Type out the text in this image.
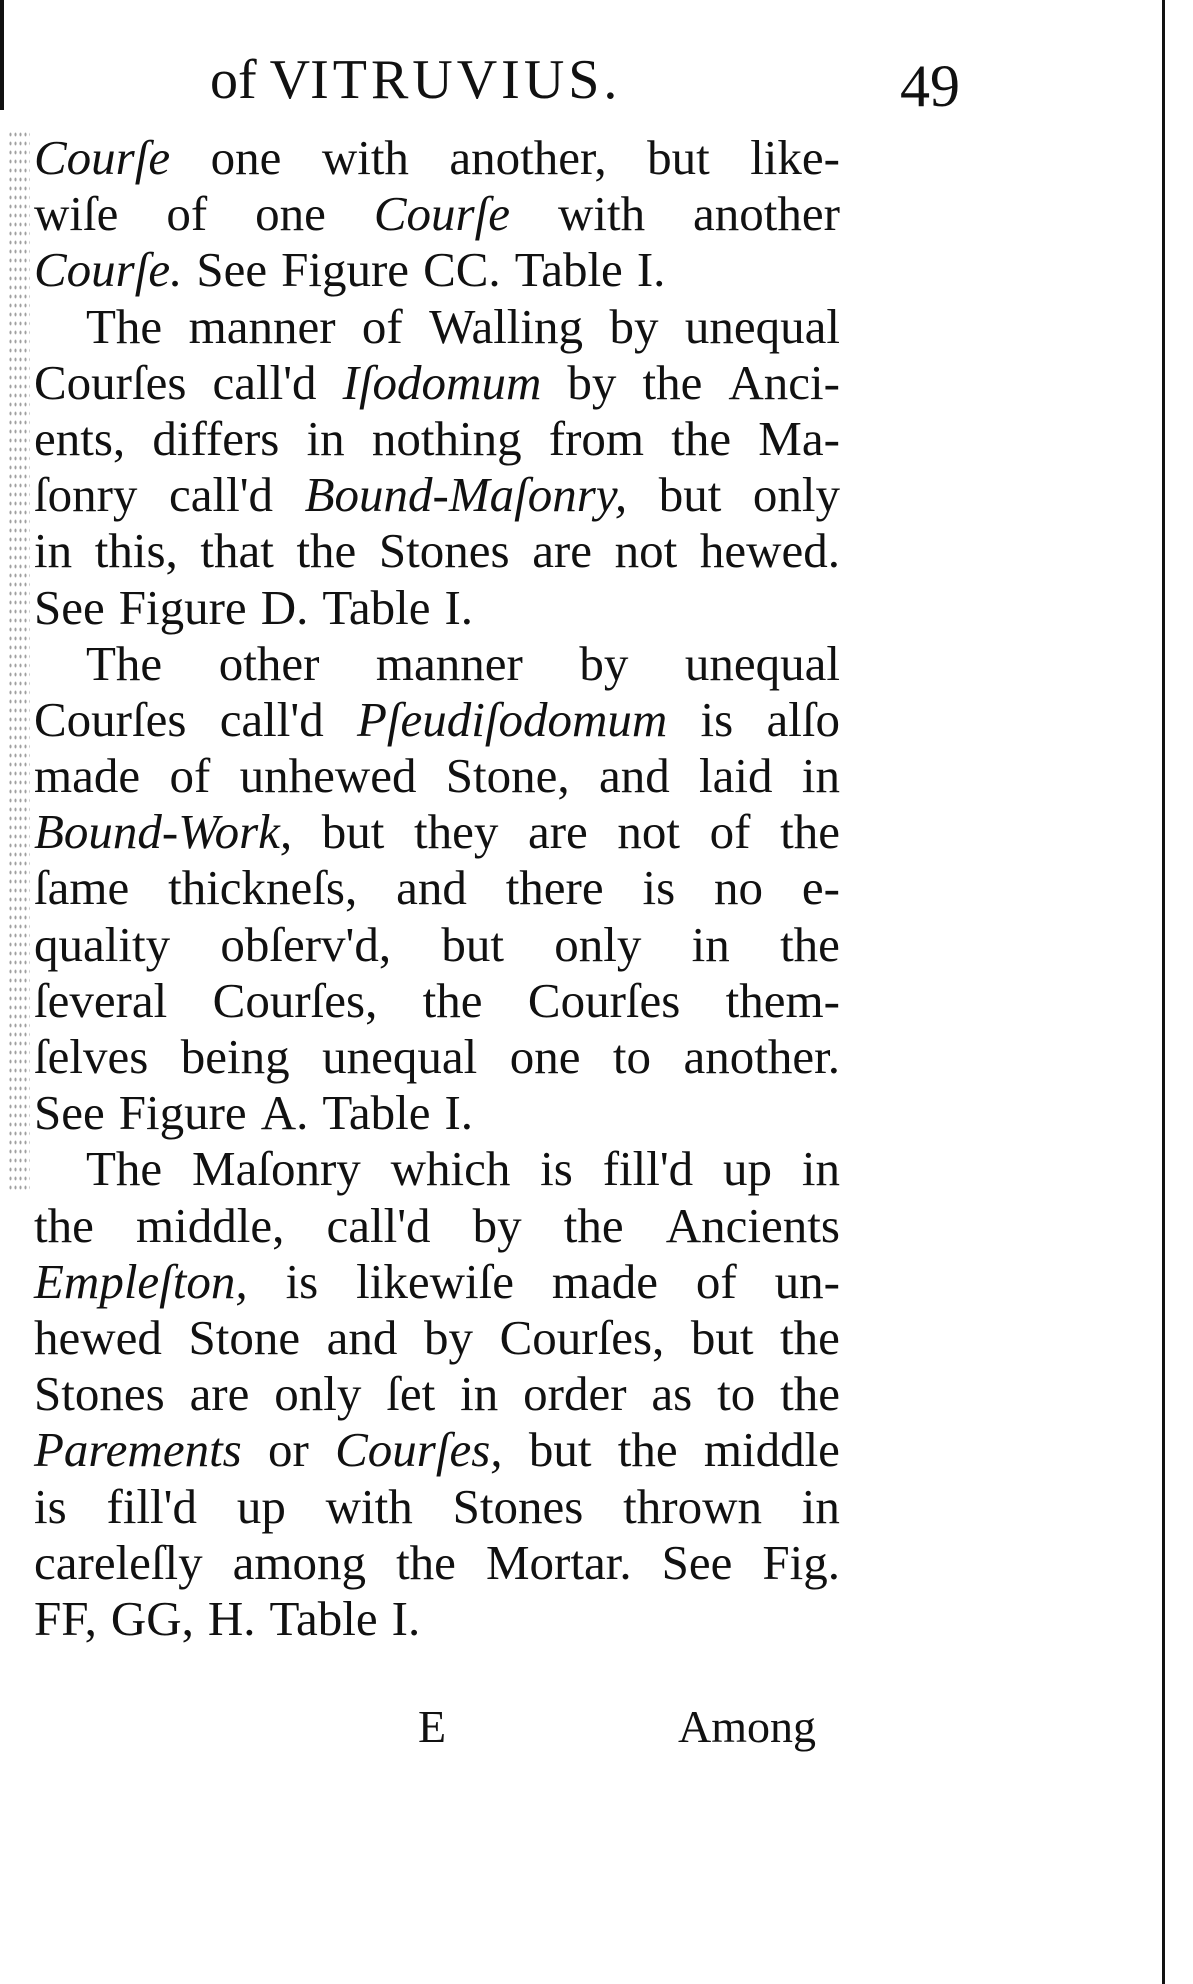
of VITRUVIUS.	49
Courſe one with another, but like-
wiſe of one Courſe with another
Courſe. See Figure CC. Table I.
The manner of Walling by unequal
Courſes call'd Iſodomum by the Anci-
ents, differs in nothing from the Ma-
ſonry call'd Bound-Maſonry, but only
in this, that the Stones are not hewed.
See Figure D. Table I.
The other manner by unequal
Courſes call'd Pſeudiſodomum is alſo
made of unhewed Stone, and laid in
Bound-Work, but they are not of the
ſame thickneſs, and there is no e-
quality obſerv'd, but only in the
ſeveral Courſes, the Courſes them-
ſelves being unequal one to another.
See Figure A. Table I.
The Maſonry which is fill'd up in
the middle, call'd by the Ancients
Empleſton, is likewiſe made of un-
hewed Stone and by Courſes, but the
Stones are only ſet in order as to the
Parements or Courſes, but the middle
is fill'd up with Stones thrown in
careleſly among the Mortar. See Fig.
FF, GG, H. Table I.
E	Among
